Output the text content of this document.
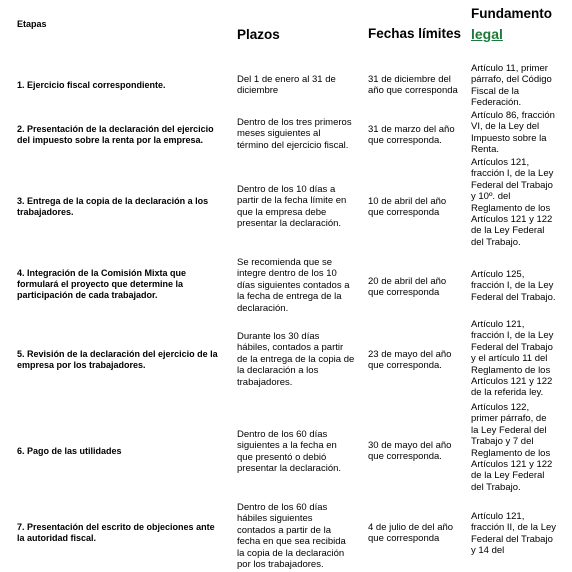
Etapas
Plazos	Fechas límites
Fundamento
legal
1. Ejercicio fiscal correspondiente.	Del 1 de enero al 31 de
diciembre
31 de diciembre del
año que corresponda
Artículo 11, primer
párrafo, del Código
Fiscal de la
Federación.
2. Presentación de la declaración del ejercicio
del impuesto sobre la renta por la empresa.
Dentro de los tres primeros
meses siguientes al
término del ejercicio fiscal.
31 de marzo del año
que corresponda.
Artículo 86, fracción
VI, de la Ley del
Impuesto sobre la
Renta.
3. Entrega de la copia de la declaración a los
trabajadores.
Dentro de los 10 días a
partir de la fecha límite en
que la empresa debe
presentar la declaración.
10 de abril del año
que corresponda
Artículos 121,
fracción I, de la Ley
Federal del Trabajo
y 10º. del
Reglamento de los
Artículos 121 y 122
de la Ley Federal
del Trabajo.
4. Integración de la Comisión Mixta que
formulará el proyecto que determine la
participación de cada trabajador.
Se recomienda que se
integre dentro de los 10
días siguientes contados a
la fecha de entrega de la
declaración.
20 de abril del año
que corresponda
Artículo 125,
fracción I, de la Ley
Federal del Trabajo.
5. Revisión de la declaración del ejercicio de la
empresa por los trabajadores.
Durante los 30 días
hábiles, contados a partir
de la entrega de la copia de
la declaración a los
trabajadores.
23 de mayo del año
que corresponda.
Artículo 121,
fracción I, de la Ley
Federal del Trabajo
y el artículo 11 del
Reglamento de los
Artículos 121 y 122
de la referida ley.
6. Pago de las utilidades
Dentro de los 60 días
siguientes a la fecha en
que presentó o debió
presentar la declaración.
30 de mayo del año
que corresponda.
Artículos 122,
primer párrafo, de
la Ley Federal del
Trabajo y 7 del
Reglamento de los
Artículos 121 y 122
de la Ley Federal
del Trabajo.
7. Presentación del escrito de objeciones ante
la autoridad fiscal.
Dentro de los 60 días
hábiles siguientes
contados a partir de la
fecha en que sea recibida
la copia de la declaración
por los trabajadores.
4 de julio de del año
que corresponda
Artículo 121,
fracción II, de la Ley
Federal del Trabajo
y 14 del
